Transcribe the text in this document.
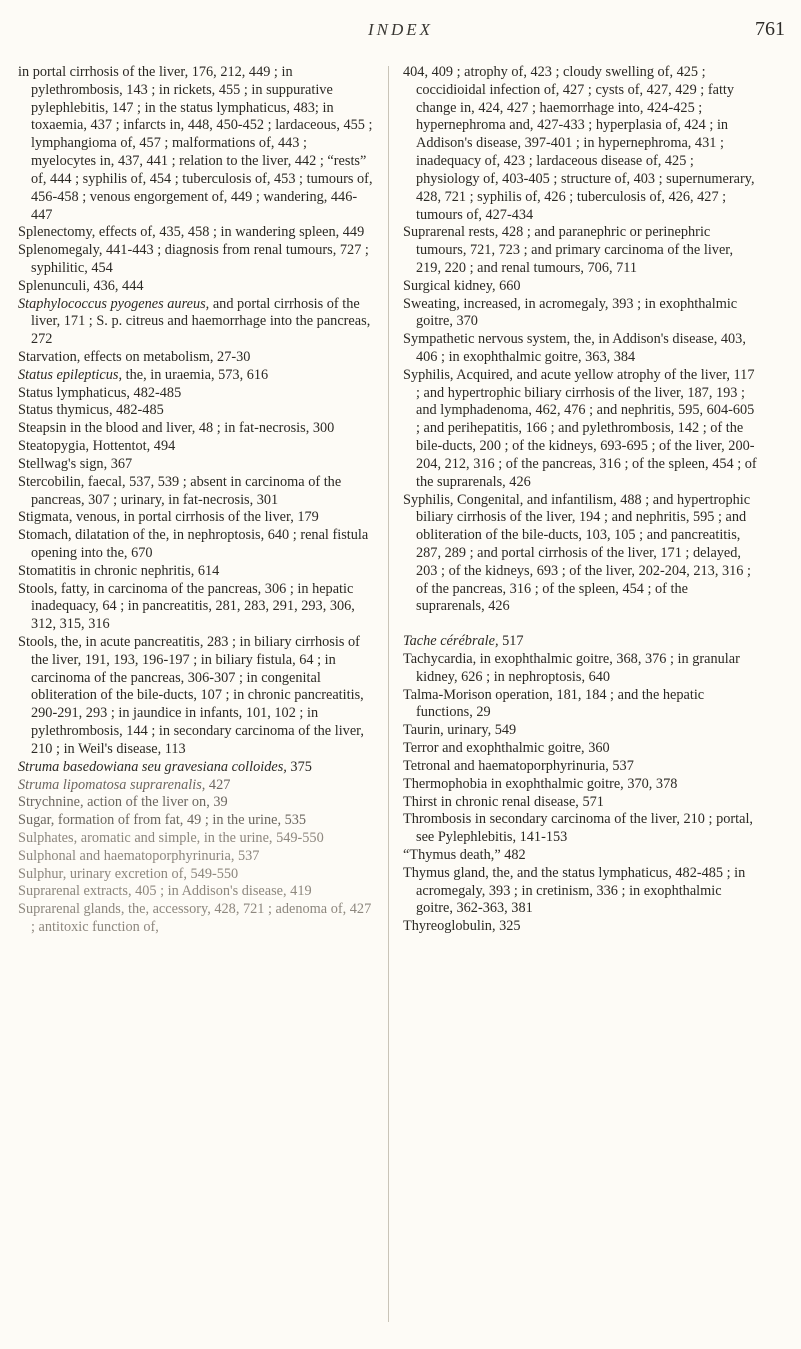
INDEX	761
in portal cirrhosis of the liver, 176, 212, 449 ; in pylethrombosis, 143 ; in rickets, 455 ; in suppurative pylephlebitis, 147 ; in the status lymphaticus, 483; in toxaemia, 437 ; infarcts in, 448, 450-452 ; lardaceous, 455 ; lymphangioma of, 457 ; malformations of, 443 ; myelocytes in, 437, 441 ; relation to the liver, 442 ; “rests” of, 444 ; syphilis of, 454 ; tuberculosis of, 453 ; tumours of, 456-458 ; venous engorgement of, 449 ; wandering, 446-447
Splenectomy, effects of, 435, 458 ; in wandering spleen, 449
Splenomegaly, 441-443 ; diagnosis from renal tumours, 727 ; syphilitic, 454
Splenunculi, 436, 444
Staphylococcus pyogenes aureus, and portal cirrhosis of the liver, 171 ; S. p. citreus and haemorrhage into the pancreas, 272
Starvation, effects on metabolism, 27-30
Status epilepticus, the, in uraemia, 573, 616
Status lymphaticus, 482-485
Status thymicus, 482-485
Steapsin in the blood and liver, 48 ; in fat-necrosis, 300
Steatopygia, Hottentot, 494
Stellwag's sign, 367
Stercobilin, faecal, 537, 539 ; absent in carcinoma of the pancreas, 307 ; urinary, in fat-necrosis, 301
Stigmata, venous, in portal cirrhosis of the liver, 179
Stomach, dilatation of the, in nephroptosis, 640 ; renal fistula opening into the, 670
Stomatitis in chronic nephritis, 614
Stools, fatty, in carcinoma of the pancreas, 306 ; in hepatic inadequacy, 64 ; in pancreatitis, 281, 283, 291, 293, 306, 312, 315, 316
Stools, the, in acute pancreatitis, 283 ; in biliary cirrhosis of the liver, 191, 193, 196-197 ; in biliary fistula, 64 ; in carcinoma of the pancreas, 306-307 ; in congenital obliteration of the bile-ducts, 107 ; in chronic pancreatitis, 290-291, 293 ; in jaundice in infants, 101, 102 ; in pylethrombosis, 144 ; in secondary carcinoma of the liver, 210 ; in Weil's disease, 113
Struma basedowiana seu gravesiana colloides, 375
Struma lipomatosa suprarenalis, 427
Strychnine, action of the liver on, 39
Sugar, formation of from fat, 49 ; in the urine, 535
Sulphates, aromatic and simple, in the urine, 549-550
Sulphonal and haematoporphyrinuria, 537
Sulphur, urinary excretion of, 549-550
Suprarenal extracts, 405 ; in Addison's disease, 419
Suprarenal glands, the, accessory, 428, 721 ; adenoma of, 427 ; antitoxic function of,
404, 409 ; atrophy of, 423 ; cloudy swelling of, 425 ; coccidioidal infection of, 427 ; cysts of, 427, 429 ; fatty change in, 424, 427 ; haemorrhage into, 424-425 ; hypernephroma and, 427-433 ; hyperplasia of, 424 ; in Addison's disease, 397-401 ; in hypernephroma, 431 ; inadequacy of, 423 ; lardaceous disease of, 425 ; physiology of, 403-405 ; structure of, 403 ; supernumerary, 428, 721 ; syphilis of, 426 ; tuberculosis of, 426, 427 ; tumours of, 427-434
Suprarenal rests, 428 ; and paranephric or perinephric tumours, 721, 723 ; and primary carcinoma of the liver, 219, 220 ; and renal tumours, 706, 711
Surgical kidney, 660
Sweating, increased, in acromegaly, 393 ; in exophthalmic goitre, 370
Sympathetic nervous system, the, in Addison's disease, 403, 406 ; in exophthalmic goitre, 363, 384
Syphilis, Acquired, and acute yellow atrophy of the liver, 117 ; and hypertrophic biliary cirrhosis of the liver, 187, 193 ; and lymphadenoma, 462, 476 ; and nephritis, 595, 604-605 ; and perihepatitis, 166 ; and pylethrombosis, 142 ; of the bile-ducts, 200 ; of the kidneys, 693-695 ; of the liver, 200-204, 212, 316 ; of the pancreas, 316 ; of the spleen, 454 ; of the suprarenals, 426
Syphilis, Congenital, and infantilism, 488 ; and hypertrophic biliary cirrhosis of the liver, 194 ; and nephritis, 595 ; and obliteration of the bile-ducts, 103, 105 ; and pancreatitis, 287, 289 ; and portal cirrhosis of the liver, 171 ; delayed, 203 ; of the kidneys, 693 ; of the liver, 202-204, 213, 316 ; of the pancreas, 316 ; of the spleen, 454 ; of the suprarenals, 426
Tache cérébrale, 517
Tachycardia, in exophthalmic goitre, 368, 376 ; in granular kidney, 626 ; in nephroptosis, 640
Talma-Morison operation, 181, 184 ; and the hepatic functions, 29
Taurin, urinary, 549
Terror and exophthalmic goitre, 360
Tetronal and haematoporphyrinuria, 537
Thermophobia in exophthalmic goitre, 370, 378
Thirst in chronic renal disease, 571
Thrombosis in secondary carcinoma of the liver, 210 ; portal, see Pylephlebitis, 141-153
“Thymus death,” 482
Thymus gland, the, and the status lymphaticus, 482-485 ; in acromegaly, 393 ; in cretinism, 336 ; in exophthalmic goitre, 362-363, 381
Thyreoglobulin, 325
